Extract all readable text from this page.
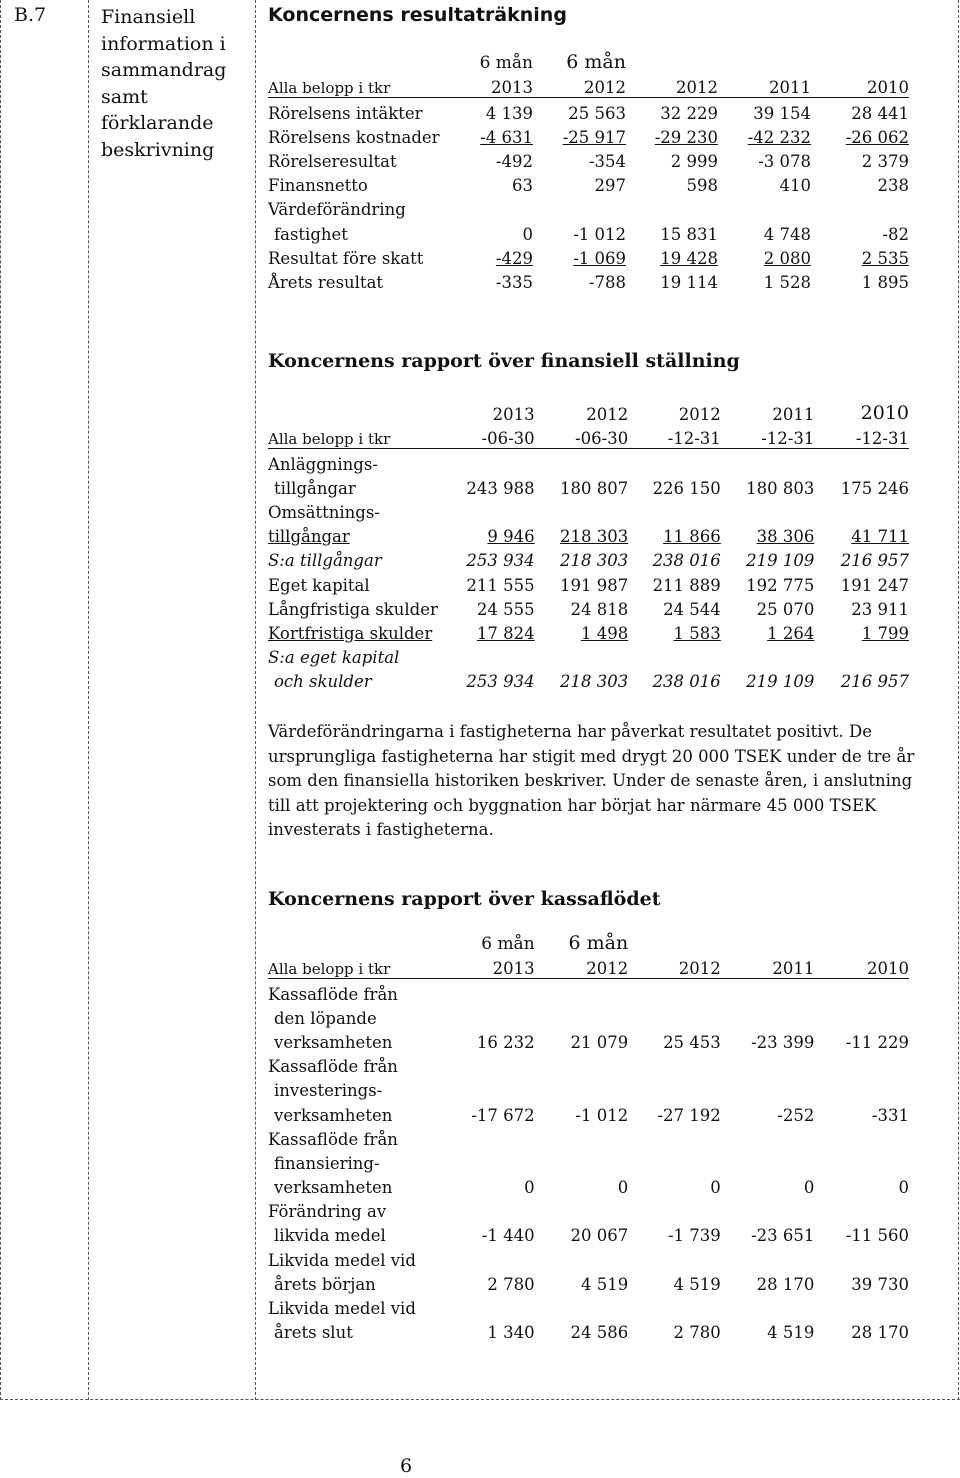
B.7	Finansiell information i sammandrag samt förklarande beskrivning
Koncernens resultaträkning
	6 mån	6 mån			
Alla belopp i tkr	2013	2012	2012	2011	2010
Rörelsens intäkter	4 139	25 563	32 229	39 154	28 441
Rörelsens kostnader	-4 631	-25 917	-29 230	-42 232	-26 062
Rörelseresultat	-492	-354	2 999	-3 078	2 379
Finansnetto	63	297	598	410	238
Värdeförändring					
fastighet	0	-1 012	15 831	4 748	-82
Resultat före skatt	-429	-1 069	19 428	2 080	2 535
Årets resultat	-335	-788	19 114	1 528	1 895
Koncernens rapport över finansiell ställning
	2013	2012	2012	2011	2010
Alla belopp i tkr	-06-30	-06-30	-12-31	-12-31	-12-31
Anläggnings-					
tillgångar	243 988	180 807	226 150	180 803	175 246
Omsättnings-					
tillgångar	9 946	218 303	11 866	38 306	41 711
S:a tillgångar	253 934	218 303	238 016	219 109	216 957
Eget kapital	211 555	191 987	211 889	192 775	191 247
Långfristiga skulder	24 555	24 818	24 544	25 070	23 911
Kortfristiga skulder	17 824	1 498	1 583	1 264	1 799
S:a eget kapital					
och skulder	253 934	218 303	238 016	219 109	216 957
Värdeförändringarna i fastigheterna har påverkat resultatet positivt. De ursprungliga fastigheterna har stigit med drygt 20 000 TSEK under de tre år som den finansiella historiken beskriver. Under de senaste åren, i anslutning till att projektering och byggnation har börjat har närmare 45 000 TSEK investerats i fastigheterna.
Koncernens rapport över kassaflödet
	6 mån	6 mån			
Alla belopp i tkr	2013	2012	2012	2011	2010
Kassaflöde från					
den löpande					
verksamheten	16 232	21 079	25 453	-23 399	-11 229
Kassaflöde från					
investerings-					
verksamheten	-17 672	-1 012	-27 192	-252	-331
Kassaflöde från					
finansiering-					
verksamheten	0	0	0	0	0
Förändring av					
likvida medel	-1 440	20 067	-1 739	-23 651	-11 560
Likvida medel vid					
årets början	2 780	4 519	4 519	28 170	39 730
Likvida medel vid					
årets slut	1 340	24 586	2 780	4 519	28 170
6
